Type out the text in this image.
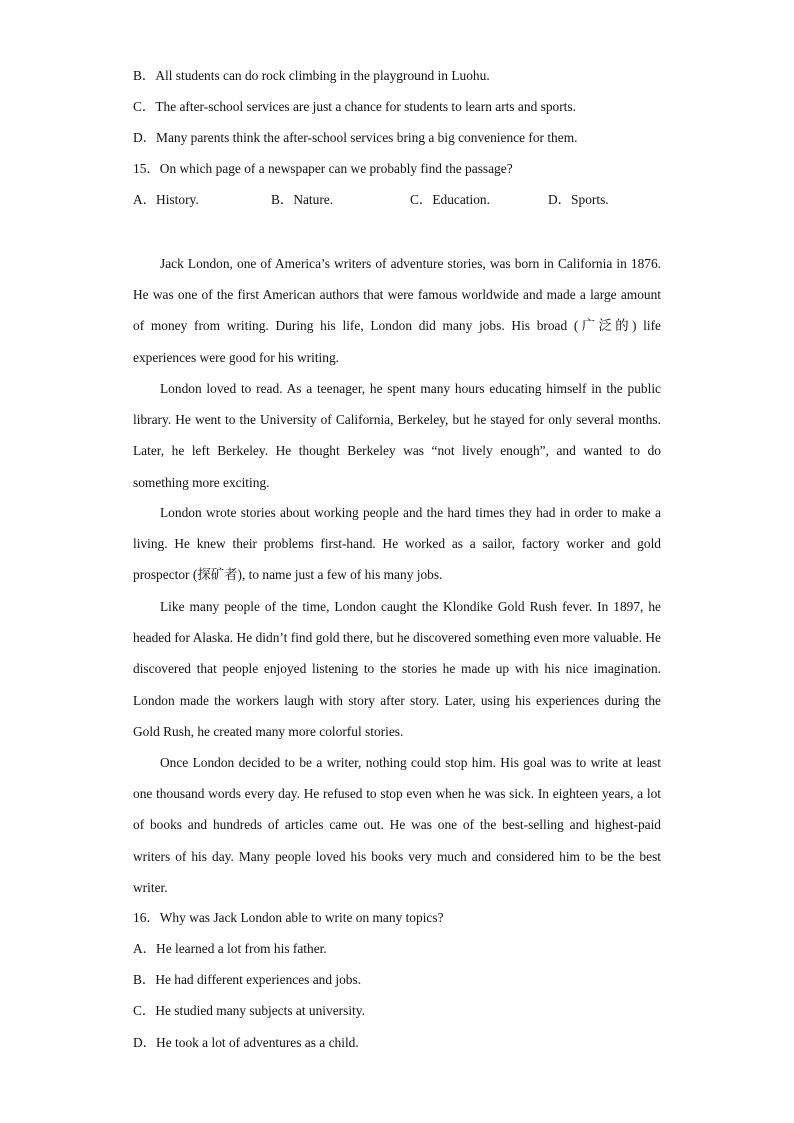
B．All students can do rock climbing in the playground in Luohu.
C．The after-school services are just a chance for students to learn arts and sports.
D．Many parents think the after-school services bring a big convenience for them.
15．On which page of a newspaper can we probably find the passage?
A．History.	B．Nature.	C．Education.	D．Sports.
Jack London, one of America’s writers of adventure stories, was born in California in 1876. He was one of the first American authors that were famous worldwide and made a large amount of money from writing. During his life, London did many jobs. His broad (广泛的) life experiences were good for his writing.
London loved to read. As a teenager, he spent many hours educating himself in the public library. He went to the University of California, Berkeley, but he stayed for only several months. Later, he left Berkeley. He thought Berkeley was “not lively enough”, and wanted to do something more exciting.
London wrote stories about working people and the hard times they had in order to make a living. He knew their problems first-hand. He worked as a sailor, factory worker and gold prospector (探矿者), to name just a few of his many jobs.
Like many people of the time, London caught the Klondike Gold Rush fever. In 1897, he headed for Alaska. He didn’t find gold there, but he discovered something even more valuable. He discovered that people enjoyed listening to the stories he made up with his nice imagination. London made the workers laugh with story after story. Later, using his experiences during the Gold Rush, he created many more colorful stories.
Once London decided to be a writer, nothing could stop him. His goal was to write at least one thousand words every day. He refused to stop even when he was sick. In eighteen years, a lot of books and hundreds of articles came out. He was one of the best-selling and highest-paid writers of his day. Many people loved his books very much and considered him to be the best writer.
16．Why was Jack London able to write on many topics?
A．He learned a lot from his father.
B．He had different experiences and jobs.
C．He studied many subjects at university.
D．He took a lot of adventures as a child.
